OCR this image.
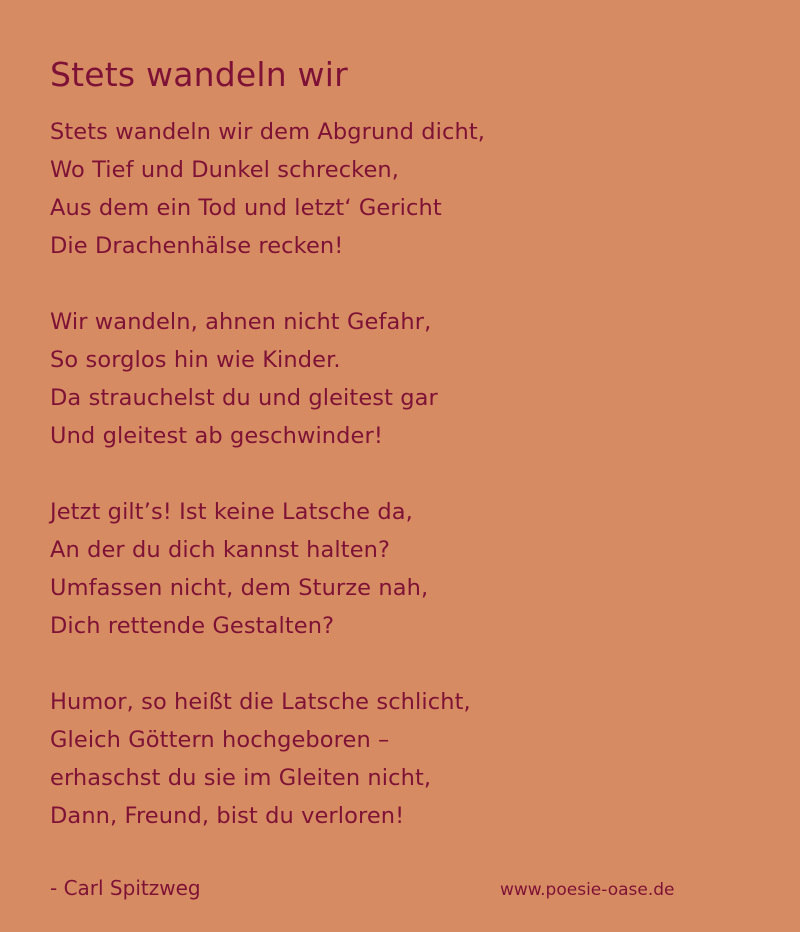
Stets wandeln wir
Stets wandeln wir dem Abgrund dicht,
Wo Tief und Dunkel schrecken,
Aus dem ein Tod und letzt‘ Gericht
Die Drachenhälse recken!
Wir wandeln, ahnen nicht Gefahr,
So sorglos hin wie Kinder.
Da strauchelst du und gleitest gar
Und gleitest ab geschwinder!
Jetzt gilt’s! Ist keine Latsche da,
An der du dich kannst halten?
Umfassen nicht, dem Sturze nah,
Dich rettende Gestalten?
Humor, so heißt die Latsche schlicht,
Gleich Göttern hochgeboren –
erhaschst du sie im Gleiten nicht,
Dann, Freund, bist du verloren!
- Carl Spitzweg	www.poesie-oase.de
